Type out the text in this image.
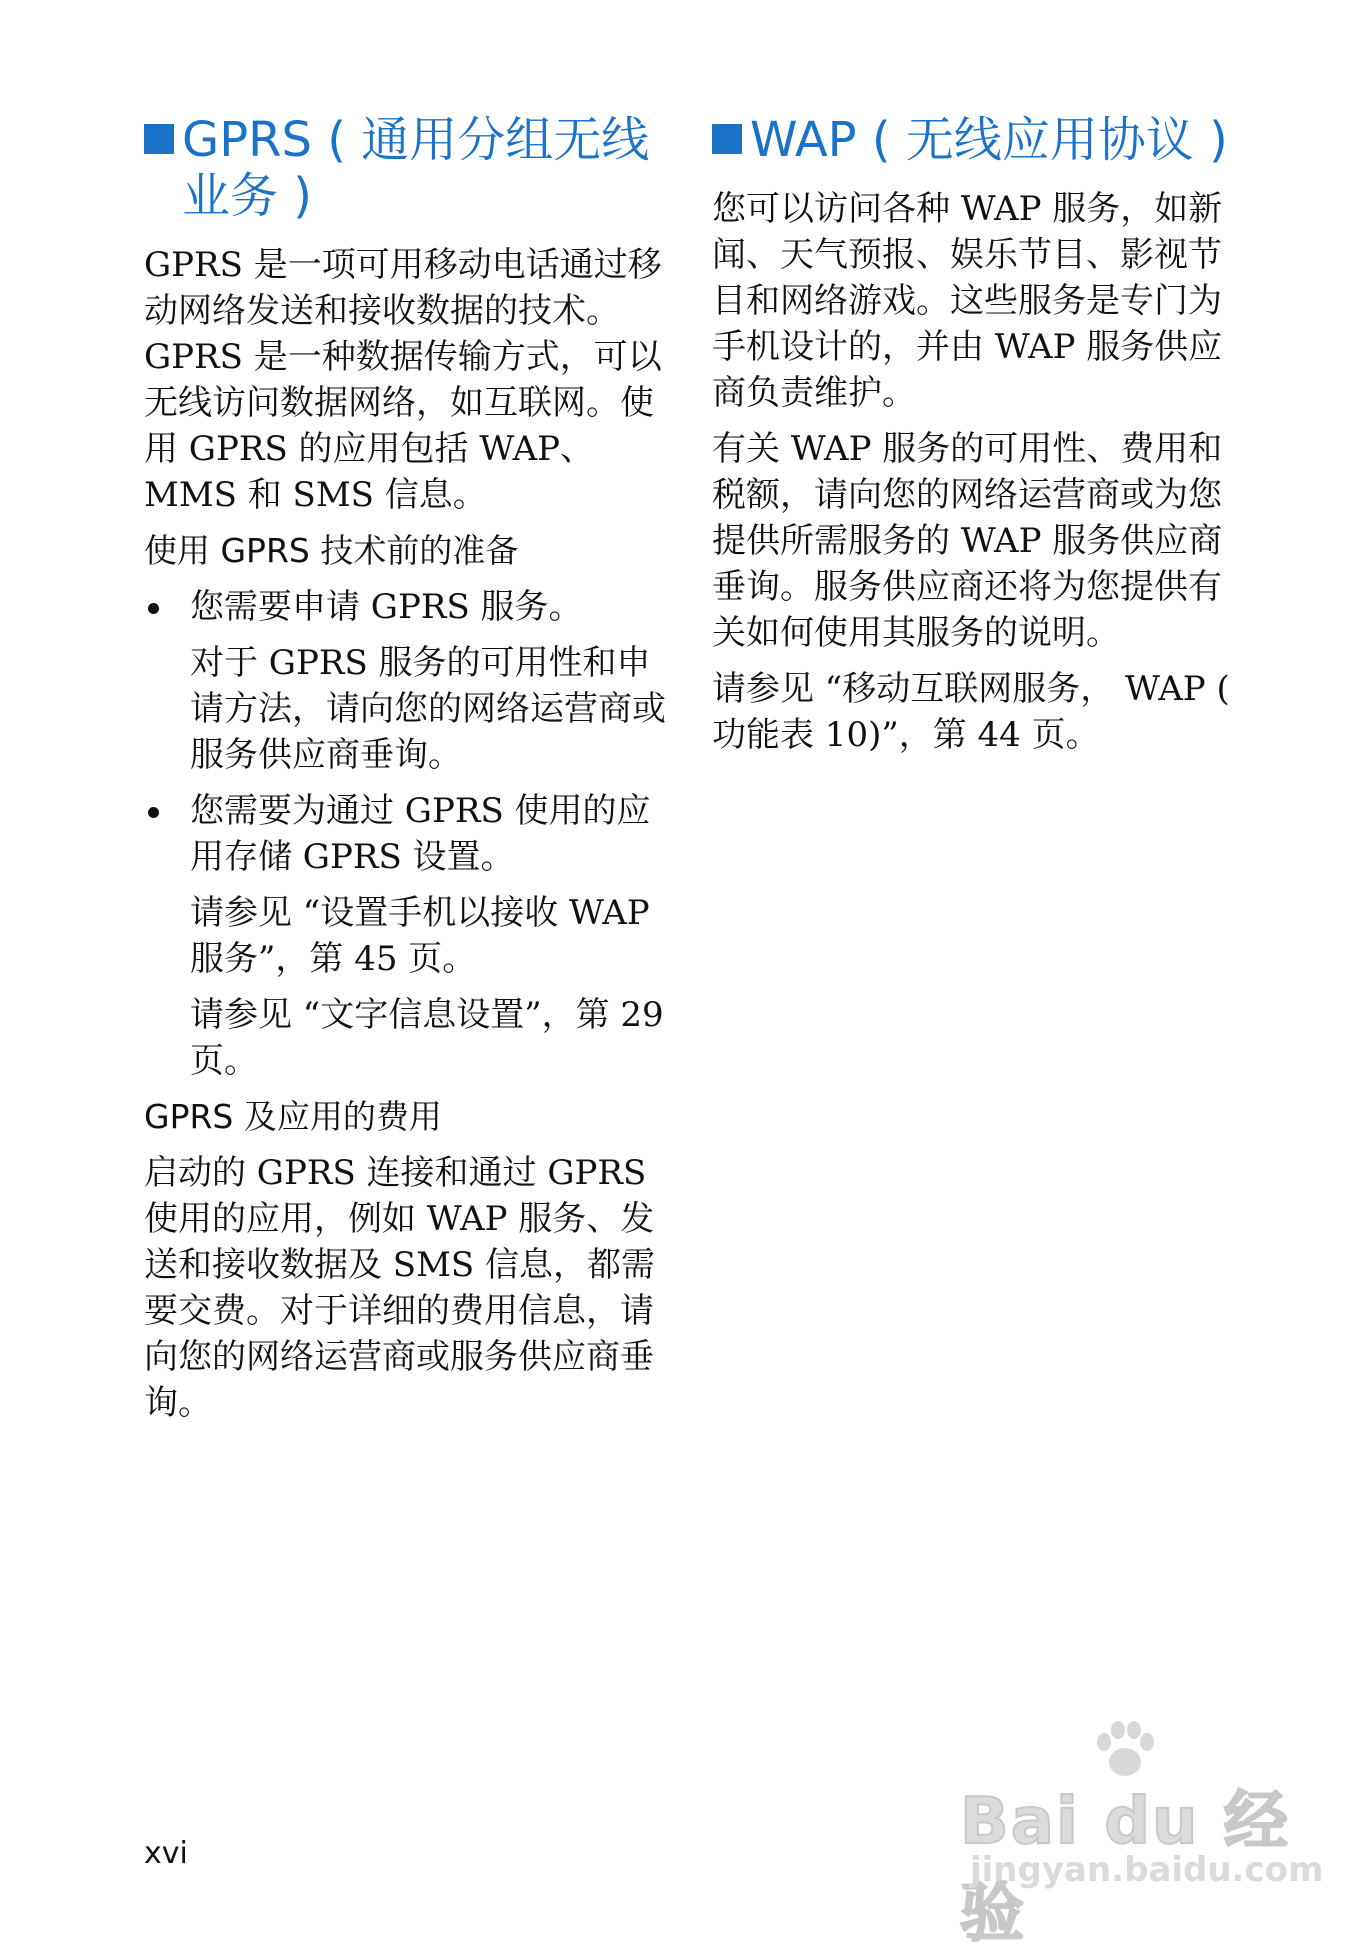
GPRS ( 通用分组无线业务 )

GPRS 是一项可用移动电话通过移动网络发送和接收数据的技术。 GPRS 是一种数据传输方式，可以无线访问数据网络，如互联网。使用 GPRS 的应用包括 WAP、 MMS 和 SMS 信息。

使用 GPRS 技术前的准备

您需要申请 GPRS 服务。

对于 GPRS 服务的可用性和申请方法，请向您的网络运营商或服务供应商垂询。

您需要为通过 GPRS 使用的应用存储 GPRS 设置。

请参见 “设置手机以接收 WAP 服务”，第 45 页。

请参见 “文字信息设置”，第 29 页。

GPRS 及应用的费用

启动的 GPRS 连接和通过 GPRS 使用的应用，例如 WAP 服务、发送和接收数据及 SMS 信息，都需要交费。对于详细的费用信息，请向您的网络运营商或服务供应商垂询。

WAP ( 无线应用协议 )

您可以访问各种 WAP 服务，如新闻、天气预报、娱乐节目、影视节目和网络游戏。这些服务是专门为手机设计的，并由 WAP 服务供应商负责维护。

有关 WAP 服务的可用性、费用和税额，请向您的网络运营商或为您提供所需服务的 WAP 服务供应商垂询。服务供应商还将为您提供有关如何使用其服务的说明。

请参见 “移动互联网服务， WAP ( 功能表 10)”，第 44 页。

xvi	Bai du 经验
jingyan.baidu.com
